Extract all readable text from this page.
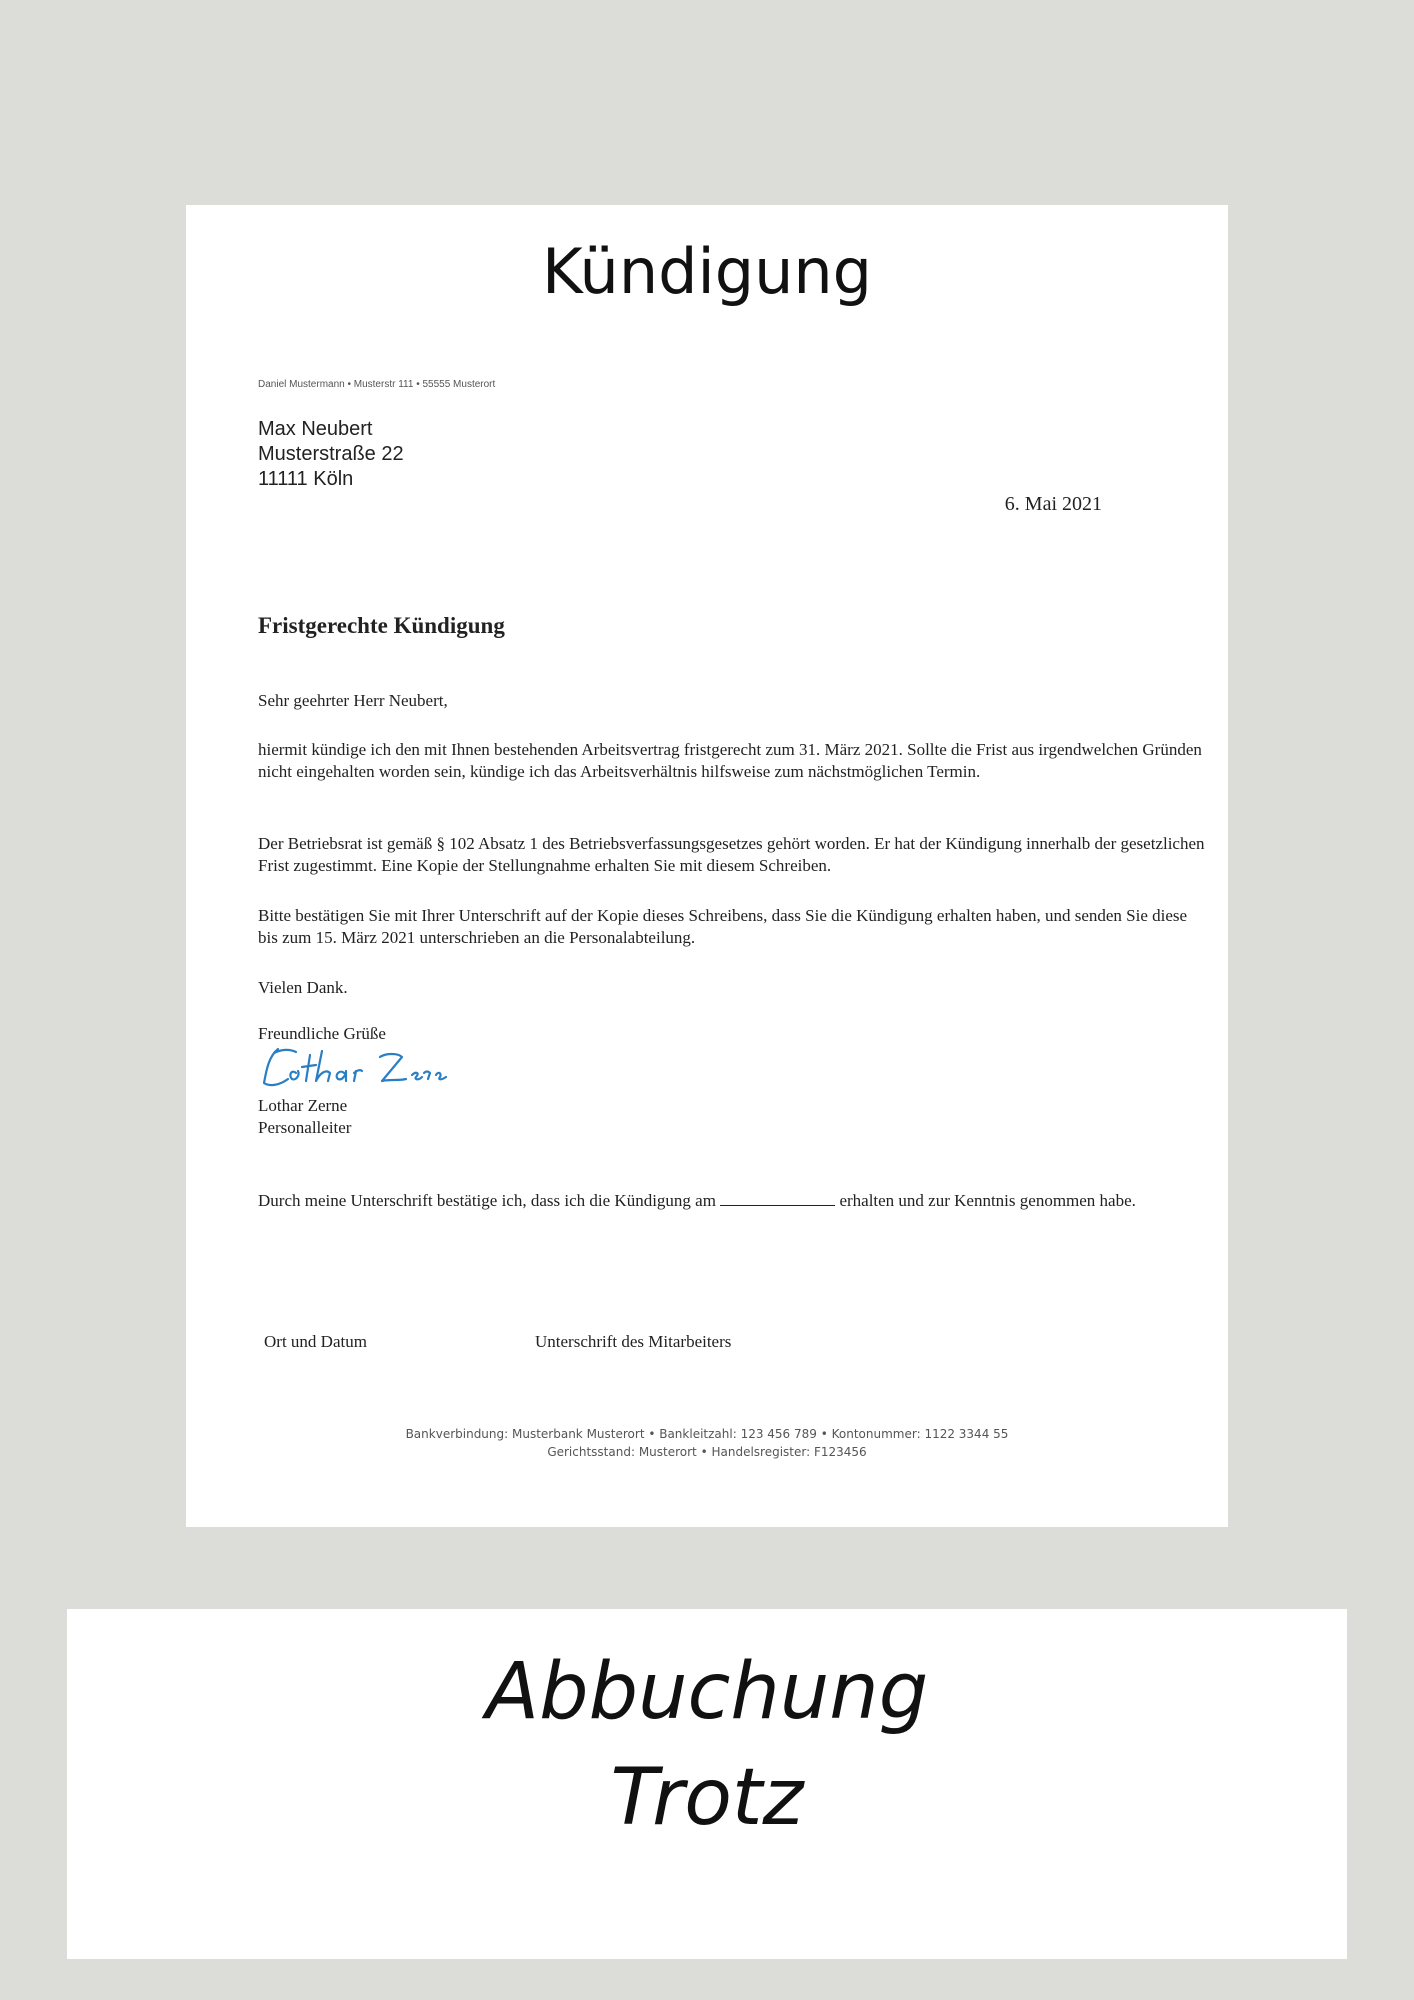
Kündigung
Daniel Mustermann • Musterstr 111 • 55555 Musterort
Max Neubert
Musterstraße 22
11111 Köln
6. Mai 2021
Fristgerechte Kündigung

Sehr geehrter Herr Neubert,

hiermit kündige ich den mit Ihnen bestehenden Arbeitsvertrag fristgerecht zum 31. März 2021. Sollte die Frist aus irgendwelchen Gründen nicht eingehalten worden sein, kündige ich das Arbeitsverhältnis hilfsweise zum nächstmöglichen Termin.

Der Betriebsrat ist gemäß § 102 Absatz 1 des Betriebsverfassungsgesetzes gehört worden. Er hat der Kündigung innerhalb der gesetzlichen Frist zugestimmt. Eine Kopie der Stellungnahme erhalten Sie mit diesem Schreiben.

Bitte bestätigen Sie mit Ihrer Unterschrift auf der Kopie dieses Schreibens, dass Sie die Kündigung erhalten haben, und senden Sie diese bis zum 15. März 2021 unterschrieben an die Personalabteilung.

Vielen Dank.

Freundliche Grüße

Lothar Zerne
Personalleiter

Durch meine Unterschrift bestätige ich, dass ich die Kündigung am	erhalten und zur Kenntnis genommen habe.

Ort und Datum	Unterschrift des Mitarbeiters
Bankverbindung: Musterbank Musterort • Bankleitzahl: 123 456 789 • Kontonummer: 1122 3344 55
Gerichtsstand: Musterort • Handelsregister: F123456
Abbuchung
Trotz
